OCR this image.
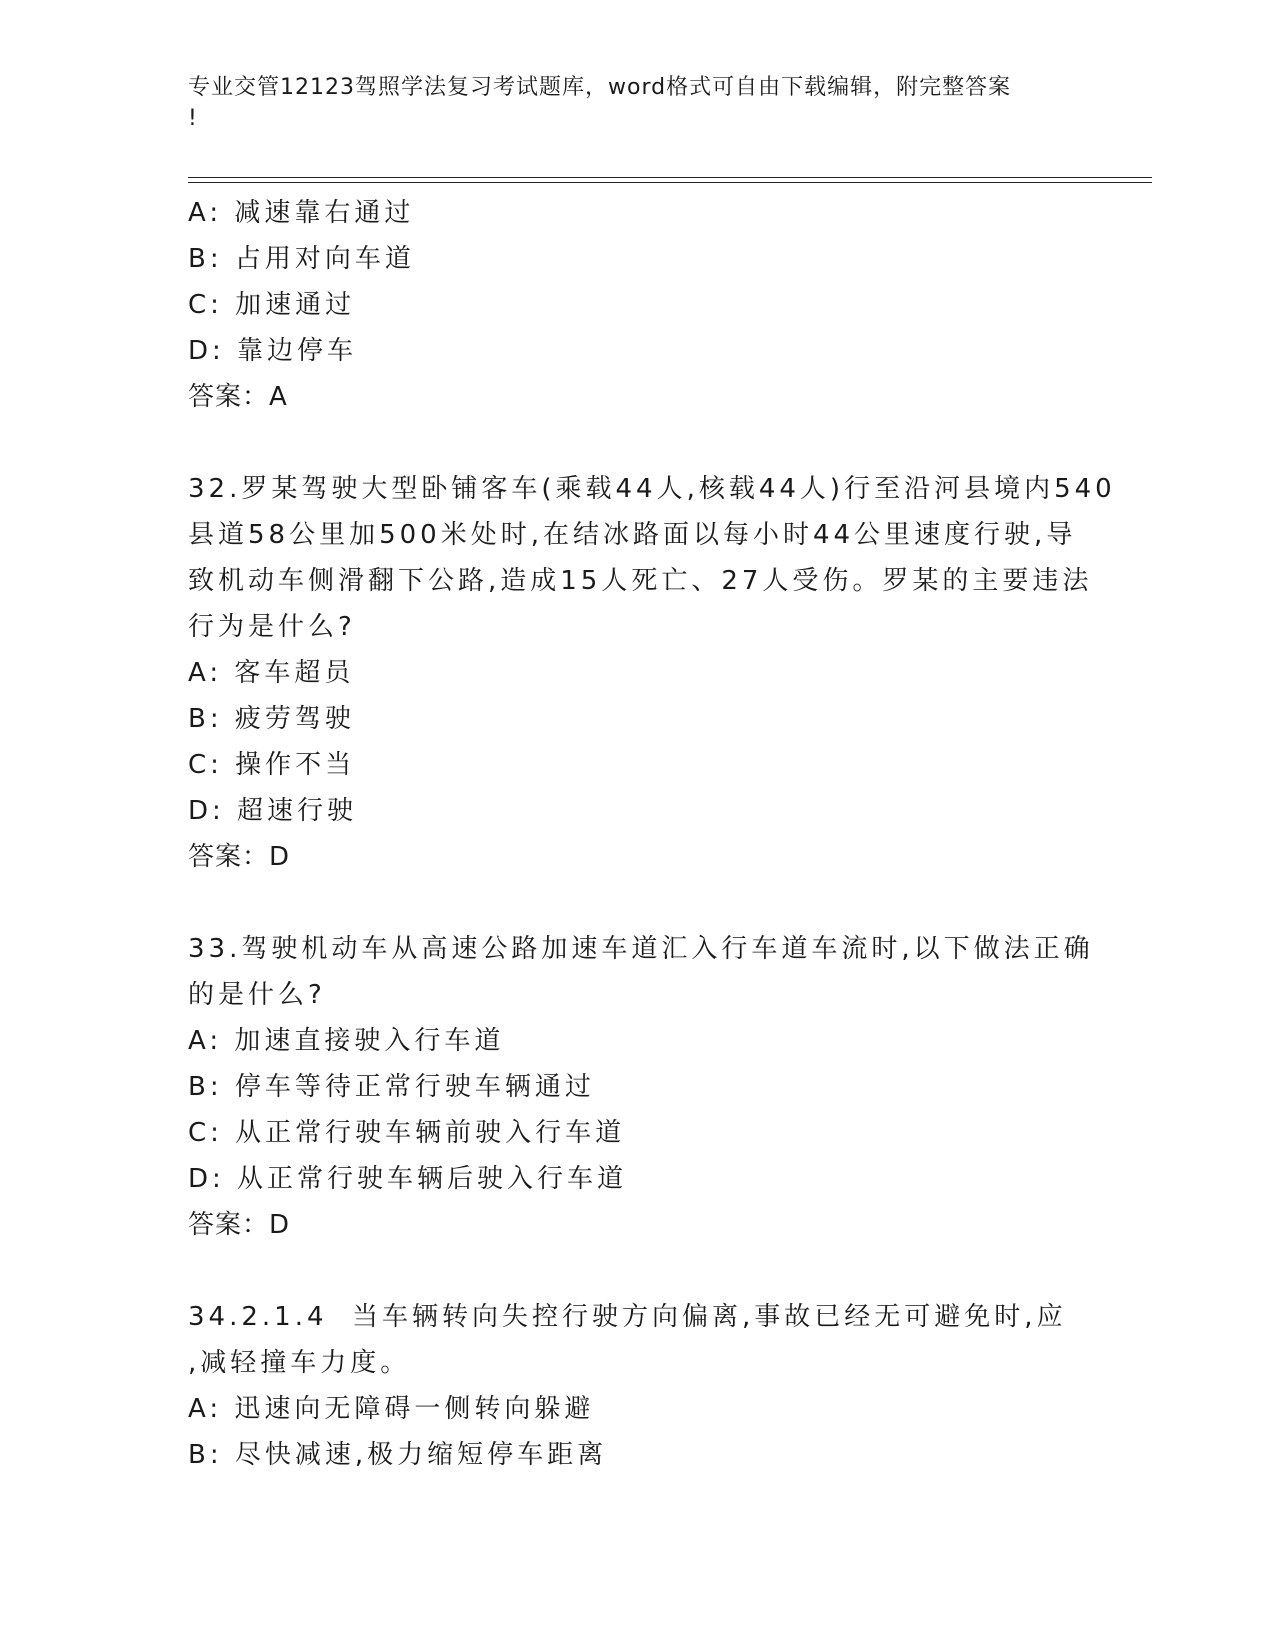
专业交管12123驾照学法复习考试题库，word格式可自由下载编辑，附完整答案
!
A: 减速靠右通过
B: 占用对向车道
C: 加速通过
D: 靠边停车
答案：A
32.罗某驾驶大型卧铺客车(乘载44人,核载44人)行至沿河县境内540
县道58公里加500米处时,在结冰路面以每小时44公里速度行驶,导
致机动车侧滑翻下公路,造成15人死亡、27人受伤。罗某的主要违法
行为是什么?
A: 客车超员
B: 疲劳驾驶
C: 操作不当
D: 超速行驶
答案：D
33.驾驶机动车从高速公路加速车道汇入行车道车流时,以下做法正确
的是什么?
A: 加速直接驶入行车道
B: 停车等待正常行驶车辆通过
C: 从正常行驶车辆前驶入行车道
D: 从正常行驶车辆后驶入行车道
答案：D
34.2.1.4  当车辆转向失控行驶方向偏离,事故已经无可避免时,应
,减轻撞车力度。
A: 迅速向无障碍一侧转向躲避
B: 尽快减速,极力缩短停车距离
